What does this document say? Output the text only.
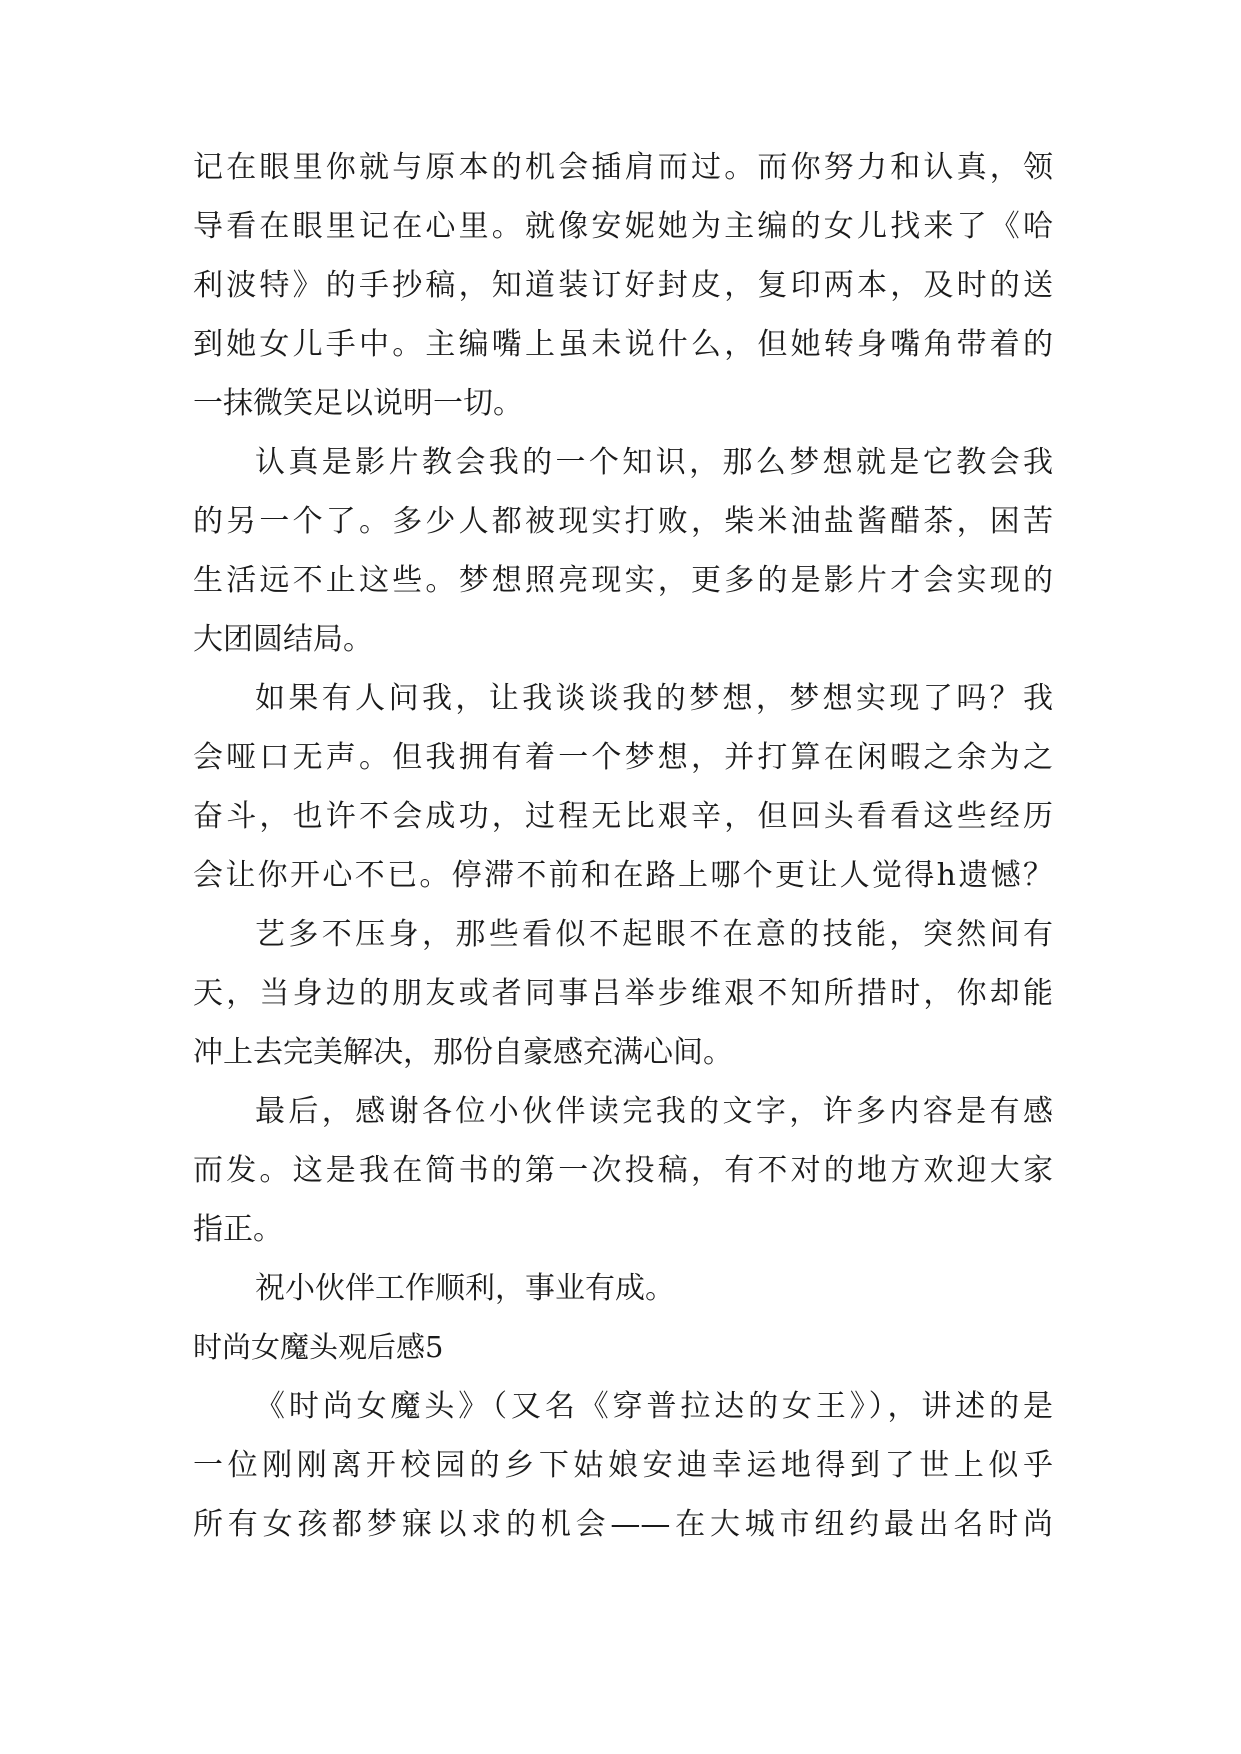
记在眼里你就与原本的机会插肩而过。而你努力和认真，领
导看在眼里记在心里。就像安妮她为主编的女儿找来了《哈
利波特》的手抄稿，知道装订好封皮，复印两本，及时的送
到她女儿手中。主编嘴上虽未说什么，但她转身嘴角带着的
一抹微笑足以说明一切。
认真是影片教会我的一个知识，那么梦想就是它教会我
的另一个了。多少人都被现实打败，柴米油盐酱醋茶，困苦
生活远不止这些。梦想照亮现实，更多的是影片才会实现的
大团圆结局。
如果有人问我，让我谈谈我的梦想，梦想实现了吗？我
会哑口无声。但我拥有着一个梦想，并打算在闲暇之余为之
奋斗，也许不会成功，过程无比艰辛，但回头看看这些经历
会让你开心不已。停滞不前和在路上哪个更让人觉得h遗憾？
艺多不压身，那些看似不起眼不在意的技能，突然间有
天，当身边的朋友或者同事吕举步维艰不知所措时，你却能
冲上去完美解决，那份自豪感充满心间。
最后，感谢各位小伙伴读完我的文字，许多内容是有感
而发。这是我在简书的第一次投稿，有不对的地方欢迎大家
指正。
祝小伙伴工作顺利，事业有成。
时尚女魔头观后感5
《时尚女魔头》（又名《穿普拉达的女王》），讲述的是
一位刚刚离开校园的乡下姑娘安迪幸运地得到了世上似乎
所有女孩都梦寐以求的机会——在大城市纽约最出名时尚
